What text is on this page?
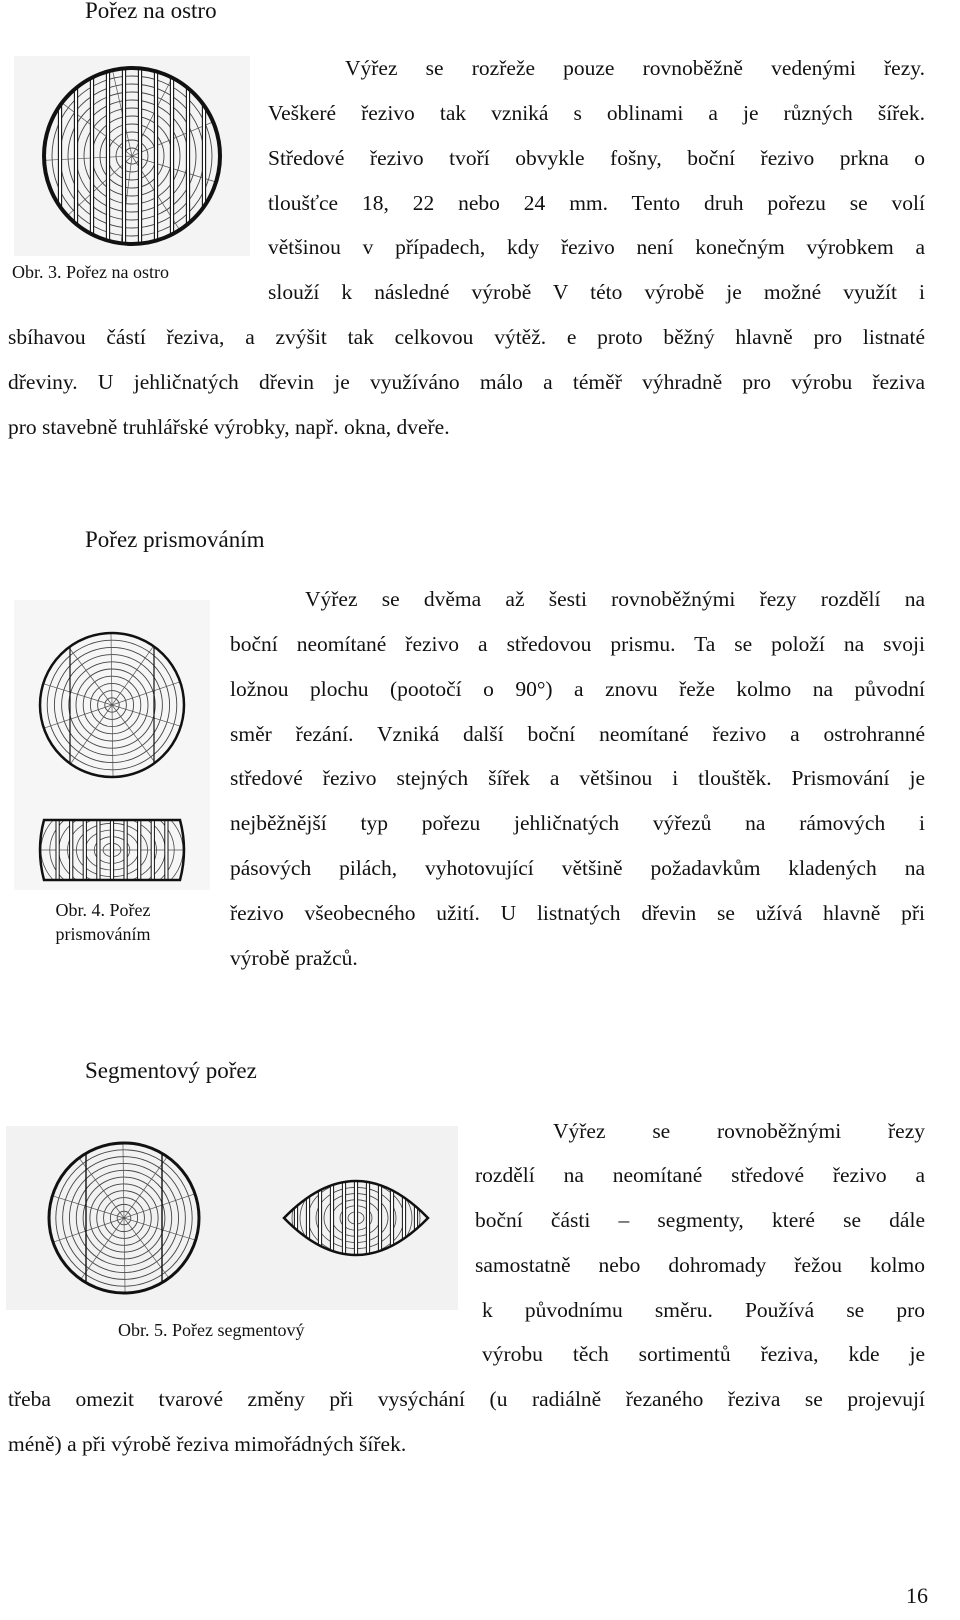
Pořez na ostro
Obr. 3. Pořez na ostro
Výřez se rozřeže pouze rovnoběžně vedenými řezy.
Veškeré řezivo tak vzniká s oblinami a je různých šířek.
Středové řezivo tvoří obvykle fošny, boční řezivo prkna o
tloušťce 18, 22 nebo 24 mm. Tento druh pořezu se volí
většinou v případech, kdy řezivo není konečným výrobkem a
slouží k následné výrobě V této výrobě je možné využít i
sbíhavou částí řeziva, a zvýšit tak celkovou výtěž. e proto běžný hlavně pro listnaté
dřeviny. U jehličnatých dřevin je využíváno málo a téměř výhradně pro výrobu řeziva
pro stavebně truhlářské výrobky, např. okna, dveře.
Pořez prismováním
Obr. 4. Pořez
prismováním
Výřez se dvěma až šesti rovnoběžnými řezy rozdělí na
boční neomítané řezivo a středovou prismu. Ta se položí na svoji
ložnou plochu (pootočí o 90°) a znovu řeže kolmo na původní
směr řezání. Vzniká další boční neomítané řezivo a ostrohranné
středové řezivo stejných šířek a většinou i tlouštěk. Prismování je
nejběžnější typ pořezu jehličnatých výřezů na rámových i
pásových pilách, vyhotovující většině požadavkům kladených na
řezivo všeobecného užití. U listnatých dřevin se užívá hlavně při
výrobě pražců.
Segmentový pořez
Obr. 5. Pořez segmentový
Výřez se rovnoběžnými řezy
rozdělí na neomítané středové řezivo a
boční části – segmenty, které se dále
samostatně nebo dohromady řežou kolmo
k původnímu směru. Používá se pro
výrobu těch sortimentů řeziva, kde je
třeba omezit tvarové změny při vysýchání (u radiálně řezaného řeziva se projevují
méně) a při výrobě řeziva mimořádných šířek.
16
